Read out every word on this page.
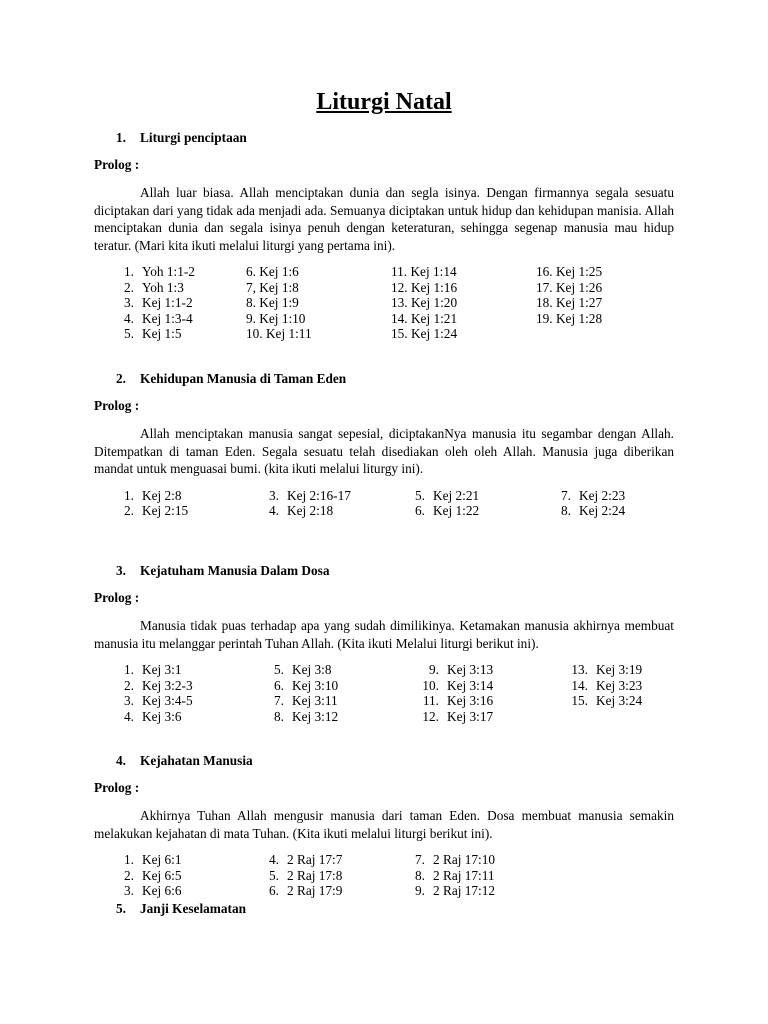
Liturgi Natal
1. Liturgi penciptaan
Prolog :
Allah luar biasa. Allah menciptakan dunia dan segla isinya. Dengan firmannya segala sesuatu diciptakan dari yang tidak ada menjadi ada. Semuanya diciptakan untuk hidup dan kehidupan manisia. Allah menciptakan dunia dan segala isinya penuh dengan keteraturan, sehingga segenap manusia mau hidup teratur. (Mari kita ikuti melalui liturgi yang pertama ini).
1. Yoh 1:1-2
2. Yoh 1:3
3. Kej 1:1-2
4. Kej 1:3-4
5. Kej 1:5
6. Kej 1:6
7, Kej 1:8
8. Kej 1:9
9. Kej 1:10
10. Kej 1:11
11. Kej 1:14
12. Kej 1:16
13. Kej 1:20
14. Kej 1:21
15. Kej 1:24
16. Kej 1:25
17. Kej 1:26
18. Kej 1:27
19. Kej 1:28
2. Kehidupan Manusia di Taman Eden
Prolog :
Allah menciptakan manusia sangat sepesial, diciptakanNya manusia itu segambar dengan Allah. Ditempatkan di taman Eden. Segala sesuatu telah disediakan oleh oleh Allah. Manusia juga diberikan mandat untuk menguasai bumi. (kita ikuti melalui liturgy ini).
1. Kej 2:8
2. Kej 2:15
3. Kej 2:16-17
4. Kej 2:18
5. Kej 2:21
6. Kej 1:22
7. Kej 2:23
8. Kej 2:24
3. Kejatuham Manusia Dalam Dosa
Prolog :
Manusia tidak puas terhadap apa yang sudah dimilikinya. Ketamakan manusia akhirnya membuat manusia itu melanggar perintah Tuhan Allah. (Kita ikuti Melalui liturgi berikut ini).
1. Kej 3:1
2. Kej 3:2-3
3. Kej 3:4-5
4. Kej 3:6
5. Kej 3:8
6. Kej 3:10
7. Kej 3:11
8. Kej 3:12
9. Kej 3:13
10. Kej 3:14
11. Kej 3:16
12. Kej 3:17
13. Kej 3:19
14. Kej 3:23
15. Kej 3:24
4. Kejahatan Manusia
Prolog :
Akhirnya Tuhan Allah mengusir manusia dari taman Eden. Dosa membuat manusia semakin melakukan kejahatan di mata Tuhan. (Kita ikuti melalui liturgi berikut ini).
1. Kej 6:1
2. Kej 6:5
3. Kej 6:6
4. 2 Raj 17:7
5. 2 Raj 17:8
6. 2 Raj 17:9
7. 2 Raj 17:10
8. 2 Raj 17:11
9. 2 Raj 17:12
5. Janji Keselamatan
